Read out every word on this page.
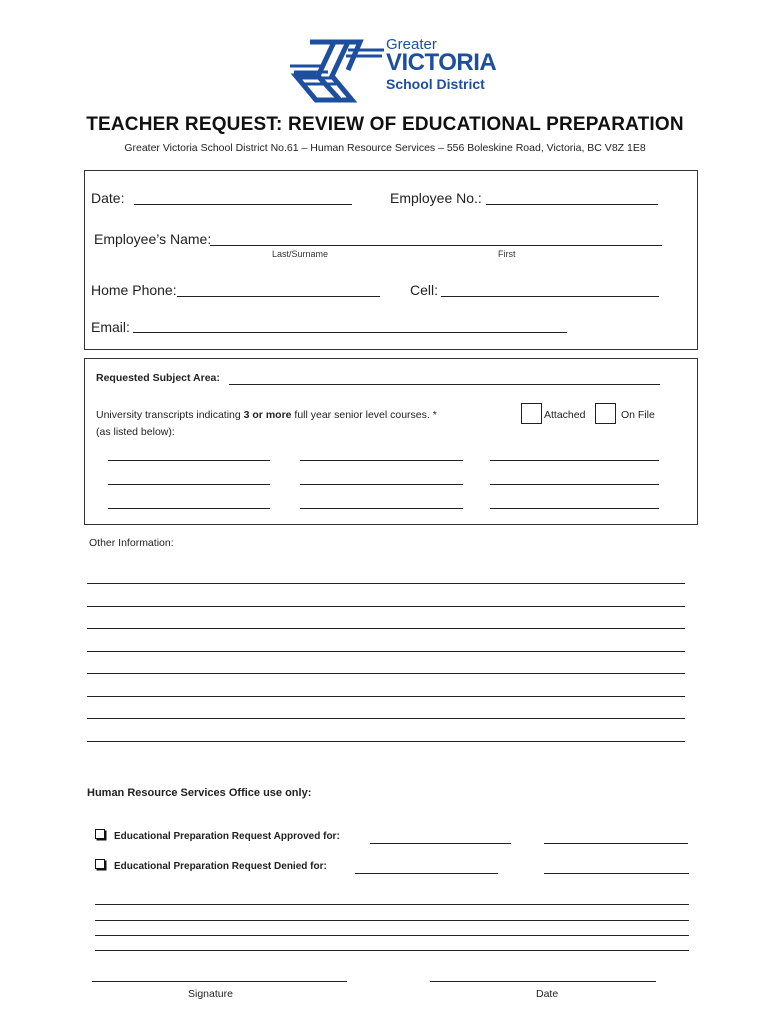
Greater
VICTORIA
School District
TEACHER REQUEST: REVIEW OF EDUCATIONAL PREPARATION
Greater Victoria School District No.61 – Human Resource Services – 556 Boleskine Road, Victoria, BC V8Z 1E8
Date:	Employee No.:
Employee’s Name:
Last/Surname	First
Home Phone:	Cell:
Email:
Requested Subject Area:
University transcripts indicating 3 or more full year senior level courses. *
(as listed below):
Attached	On File
Other Information:
Human Resource Services Office use only:
Educational Preparation Request Approved for:
Educational Preparation Request Denied for:
Signature	Date
